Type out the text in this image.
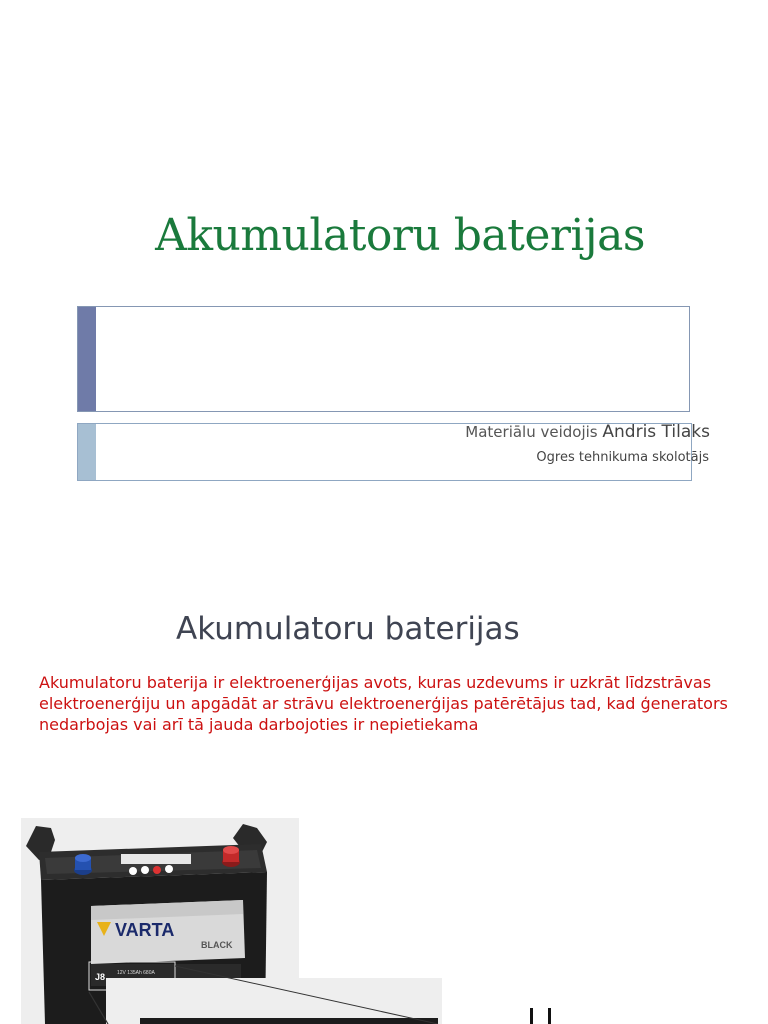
Akumulatoru baterijas
Materiālu veidojis Andris Tilaks
Ogres tehnikuma skolotājs
Akumulatoru baterijas
Akumulatoru baterija ir elektroenerģijas avots, kuras uzdevums ir uzkrāt līdzstrāvas elektroenerģiju un apgādāt ar strāvu elektroenerģijas patērētājus tad, kad ģenerators nedarbojas vai arī tā jauda darbojoties ir nepietiekama
VARTA
BLACK
J8 12V 135Ah 680A
